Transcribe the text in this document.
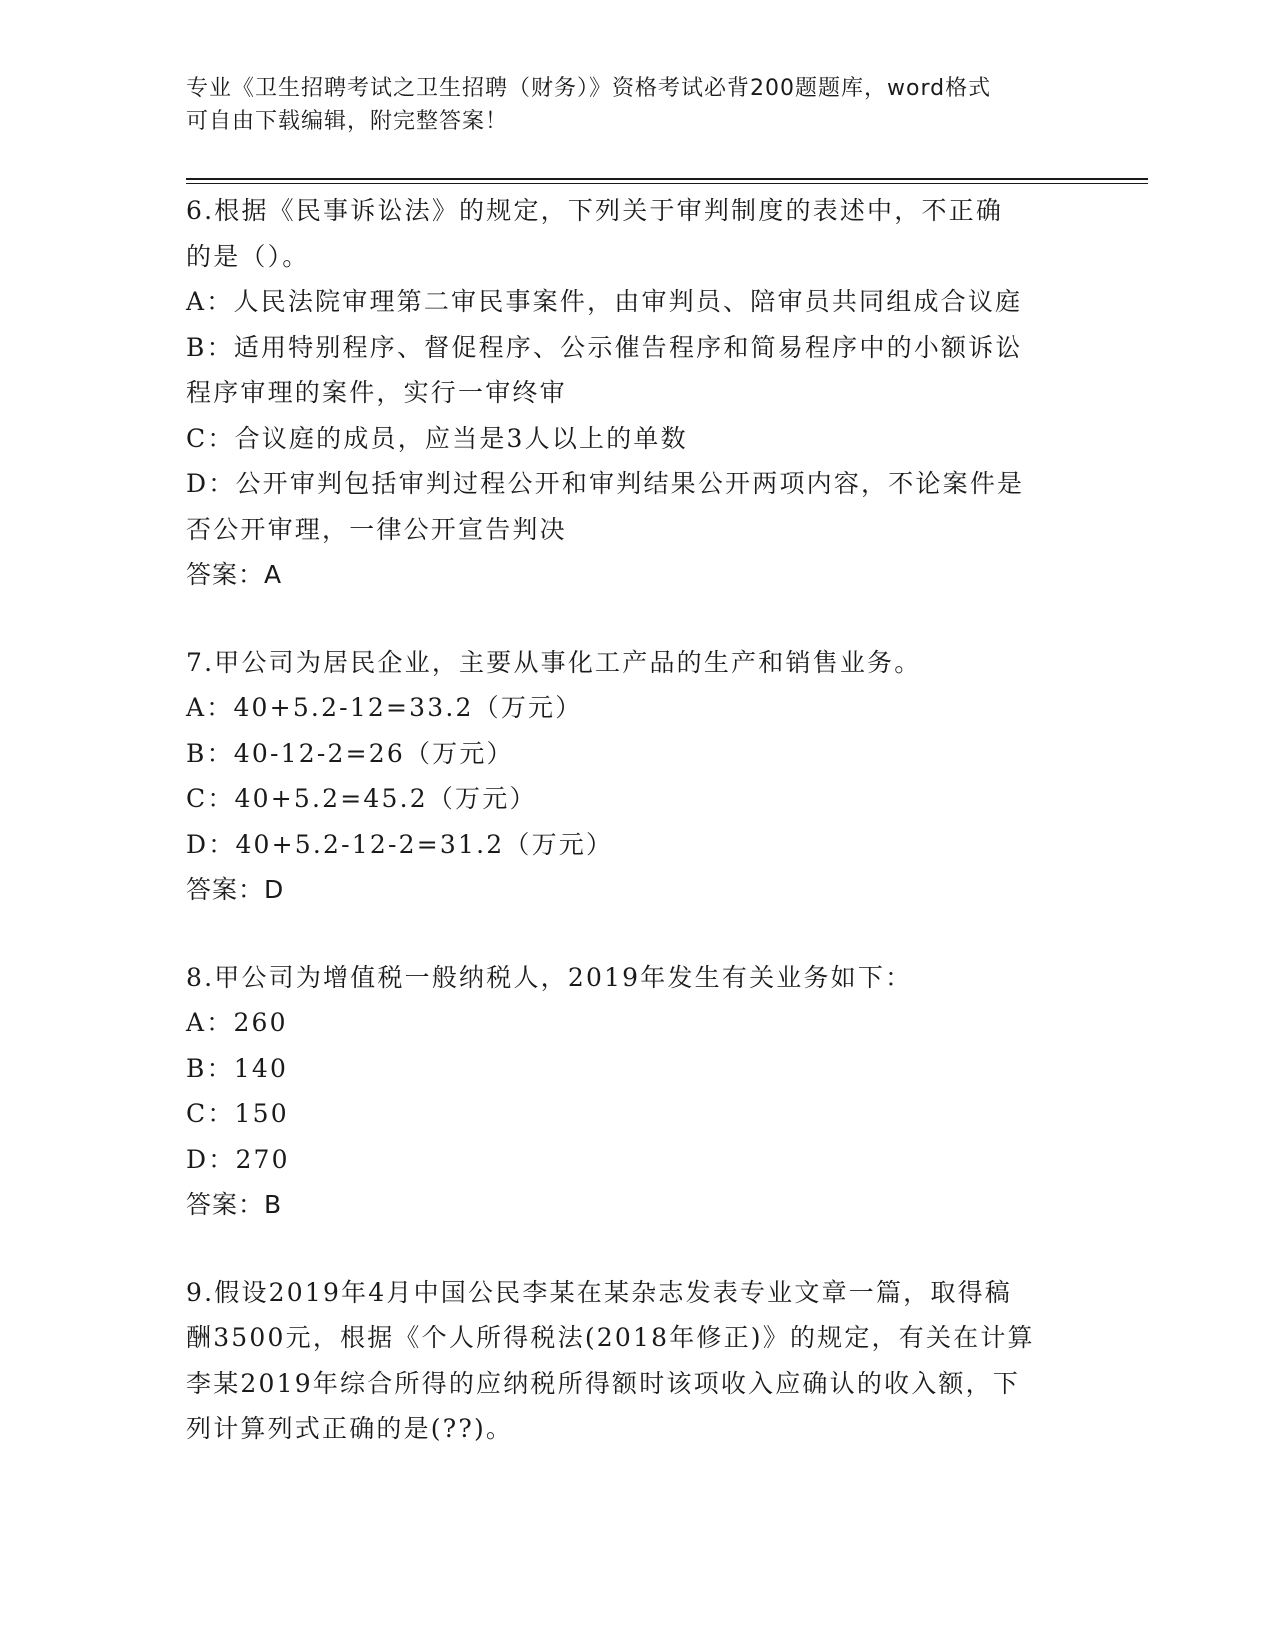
专业《卫生招聘考试之卫生招聘（财务）》资格考试必背200题题库，word格式
可自由下载编辑，附完整答案！
6.根据《民事诉讼法》的规定，下列关于审判制度的表述中，不正确
的是（）。
A：人民法院审理第二审民事案件，由审判员、陪审员共同组成合议庭
B：适用特别程序、督促程序、公示催告程序和简易程序中的小额诉讼
程序审理的案件，实行一审终审
C：合议庭的成员，应当是3人以上的单数
D：公开审判包括审判过程公开和审判结果公开两项内容，不论案件是
否公开审理，一律公开宣告判决
答案：A
7.甲公司为居民企业，主要从事化工产品的生产和销售业务。
A：40+5.2-12=33.2（万元）
B：40-12-2=26（万元）
C：40+5.2=45.2（万元）
D：40+5.2-12-2=31.2（万元）
答案：D
8.甲公司为增值税一般纳税人，2019年发生有关业务如下：
A：260
B：140
C：150
D：270
答案：B
9.假设2019年4月中国公民李某在某杂志发表专业文章一篇，取得稿
酬3500元，根据《个人所得税法(2018年修正)》的规定，有关在计算
李某2019年综合所得的应纳税所得额时该项收入应确认的收入额，下
列计算列式正确的是(??)。
